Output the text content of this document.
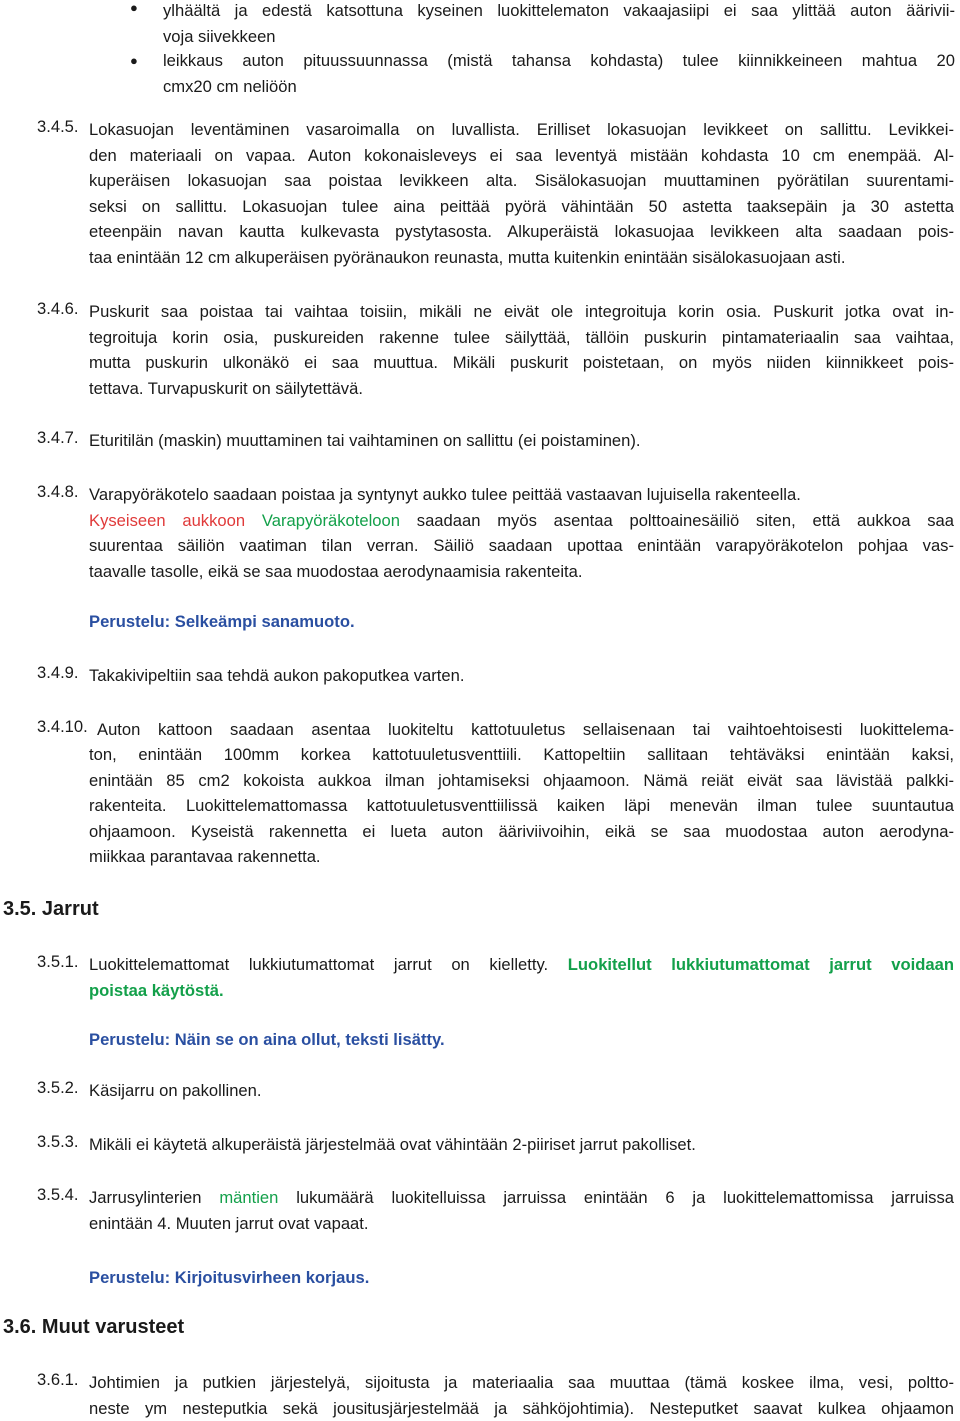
● ylhäältä ja edestä katsottuna kyseinen luokittelematon vakaajasiipi ei saa ylittää auton äärivii-
voja siivekkeen
● leikkaus auton pituussuunnassa (mistä tahansa kohdasta) tulee kiinnikkeineen mahtua 20
cmx20 cm neliöön
3.4.5. Lokasuojan leventäminen vasaroimalla on luvallista. Erilliset lokasuojan levikkeet on sallittu. Levikkei-
den materiaali on vapaa. Auton kokonaisleveys ei saa leventyä mistään kohdasta 10 cm enempää. Al-
kuperäisen lokasuojan saa poistaa levikkeen alta. Sisälokasuojan muuttaminen pyörätilan suurentami-
seksi on sallittu. Lokasuojan tulee aina peittää pyörä vähintään 50 astetta taaksepäin ja 30 astetta
eteenpäin navan kautta kulkevasta pystytasosta. Alkuperäistä lokasuojaa levikkeen alta saadaan pois-
taa enintään 12 cm alkuperäisen pyöränaukon reunasta, mutta kuitenkin enintään sisälokasuojaan asti.
3.4.6. Puskurit saa poistaa tai vaihtaa toisiin, mikäli ne eivät ole integroituja korin osia. Puskurit jotka ovat in-
tegroituja korin osia, puskureiden rakenne tulee säilyttää, tällöin puskurin pintamateriaalin saa vaihtaa,
mutta puskurin ulkonäkö ei saa muuttua. Mikäli puskurit poistetaan, on myös niiden kiinnikkeet pois-
tettava. Turvapuskurit on säilytettävä.
3.4.7. Eturitilän (maskin) muuttaminen tai vaihtaminen on sallittu (ei poistaminen).
3.4.8. Varapyöräkotelo saadaan poistaa ja syntynyt aukko tulee peittää vastaavan lujuisella rakenteella.
Kyseiseen aukkoon Varapyöräkoteloon saadaan myös asentaa polttoainesäiliö siten, että aukkoa saa
suurentaa säiliön vaatiman tilan verran. Säiliö saadaan upottaa enintään varapyöräkotelon pohjaa vas-
taavalle tasolle, eikä se saa muodostaa aerodynaamisia rakenteita.
Perustelu: Selkeämpi sanamuoto.
3.4.9. Takakivipeltiin saa tehdä aukon pakoputkea varten.
3.4.10. Auton kattoon saadaan asentaa luokiteltu kattotuuletus sellaisenaan tai vaihtoehtoisesti luokittelema-
ton, enintään 100mm korkea kattotuuletusventtiili. Kattopeltiin sallitaan tehtäväksi enintään kaksi,
enintään 85 cm2 kokoista aukkoa ilman johtamiseksi ohjaamoon. Nämä reiät eivät saa lävistää palkki-
rakenteita. Luokittelemattomassa kattotuuletusventtiilissä kaiken läpi menevän ilman tulee suuntautua
ohjaamoon. Kyseistä rakennetta ei lueta auton ääriviivoihin, eikä se saa muodostaa auton aerodyna-
miikkaa parantavaa rakennetta.
3.5. Jarrut
3.5.1. Luokittelemattomat lukkiutumattomat jarrut on kielletty. Luokitellut lukkiutumattomat jarrut voidaan
poistaa käytöstä.
Perustelu: Näin se on aina ollut, teksti lisätty.
3.5.2. Käsijarru on pakollinen.
3.5.3. Mikäli ei käytetä alkuperäistä järjestelmää ovat vähintään 2-piiriset jarrut pakolliset.
3.5.4. Jarrusylinterien mäntien lukumäärä luokitelluissa jarruissa enintään 6 ja luokittelemattomissa jarruissa
enintään 4. Muuten jarrut ovat vapaat.
Perustelu: Kirjoitusvirheen korjaus.
3.6. Muut varusteet
3.6.1. Johtimien ja putkien järjestelyä, sijoitusta ja materiaalia saa muuttaa (tämä koskee ilma, vesi, poltto-
neste ym nesteputkia sekä jousitusjärjestelmää ja sähköjohtimia). Nesteputket saavat kulkea ohjaamon
